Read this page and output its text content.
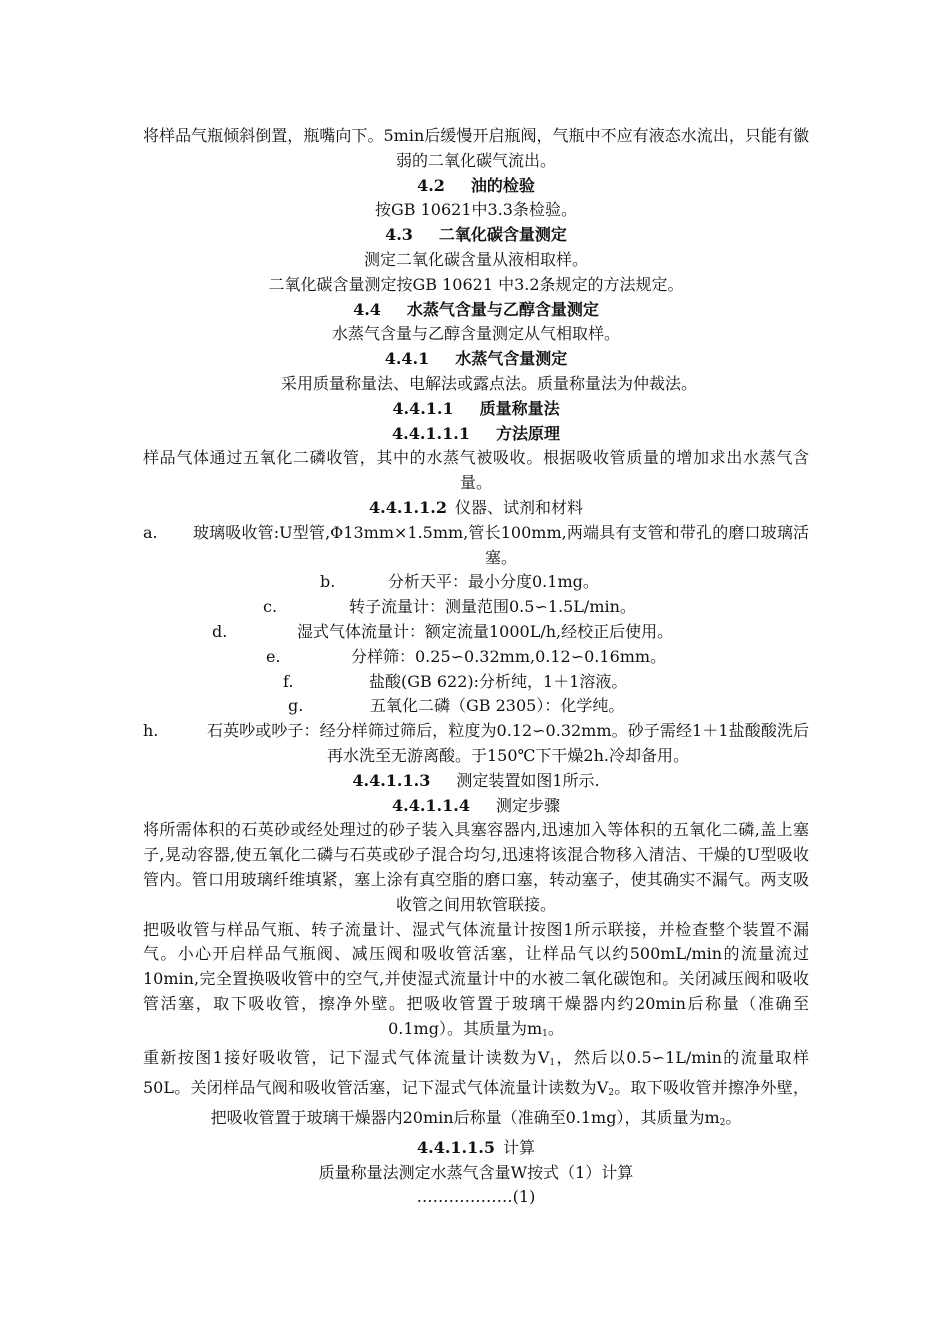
将样品气瓶倾斜倒置，瓶嘴向下。5min后缓慢开启瓶阀，气瓶中不应有液态水流出，只能有徽弱的二氧化碳气流出。
4.2 油的检验
按GB 10621中3.3条检验。
4.3 二氧化碳含量测定
测定二氧化碳含量从液相取样。
二氧化碳含量测定按GB 10621 中3.2条规定的方法规定。
4.4 水蒸气含量与乙醇含量测定
水蒸气含量与乙醇含量测定从气相取样。
4.4.1 水蒸气含量测定
采用质量称量法、电解法或露点法。质量称量法为仲裁法。
4.4.1.1 质量称量法
4.4.1.1.1 方法原理
样品气体通过五氧化二磷收管，其中的水蒸气被吸收。根据吸收管质量的增加求出水蒸气含量。
4.4.1.1.2 仪器、试剂和材料
a.	玻璃吸收管:U型管,Φ13mm×1.5mm,管长100mm,两端具有支管和带孔的磨口玻璃活塞。
b.	分析天平：最小分度0.1mg。
c.	转子流量计：测量范围0.5∽1.5L/min。
d.	湿式气体流量计：额定流量1000L/h,经校正后使用。
e.	分样筛：0.25∽0.32mm,0.12∽0.16mm。
f.	盐酸(GB 622):分析纯，1＋1溶液。
g.	五氧化二磷（GB 2305）：化学纯。
h.	石英吵或吵子：经分样筛过筛后，粒度为0.12∽0.32mm。砂子需经1＋1盐酸酸洗后再水洗至无游离酸。于150℃下干燥2h.冷却备用。
4.4.1.1.3 测定装置如图1所示.
4.4.1.1.4 测定步骤
将所需体积的石英砂或经处理过的砂子装入具塞容器内,迅速加入等体积的五氧化二磷,盖上塞子,晃动容器,使五氧化二磷与石英或砂子混合均匀,迅速将该混合物移入清洁、干燥的U型吸收管内。管口用玻璃纤维填紧，塞上涂有真空脂的磨口塞，转动塞子，使其确实不漏气。两支吸收管之间用软管联接。
把吸收管与样品气瓶、转子流量计、湿式气体流量计按图1所示联接，并检查整个装置不漏气。小心开启样品气瓶阀、减压阀和吸收管活塞，让样品气以约500mL/min的流量流过10min,完全置换吸收管中的空气,并使湿式流量计中的水被二氧化碳饱和。关闭减压阀和吸收管活塞，取下吸收管，擦净外壁。把吸收管置于玻璃干燥器内约20min后称量（准确至0.1mg）。其质量为$m_1$。
重新按图1接好吸收管，记下湿式气体流量计读数为$V_1$，然后以0.5∽1L/min的流量取样50L。关闭样品气阀和吸收管活塞，记下湿式气体流量计读数为$V_2$。取下吸收管并擦净外壁，把吸收管置于玻璃干燥器内20min后称量（准确至0.1mg），其质量为$m_2$。
4.4.1.1.5 计算
质量称量法测定水蒸气含量W按式（1）计算
………………(1)
